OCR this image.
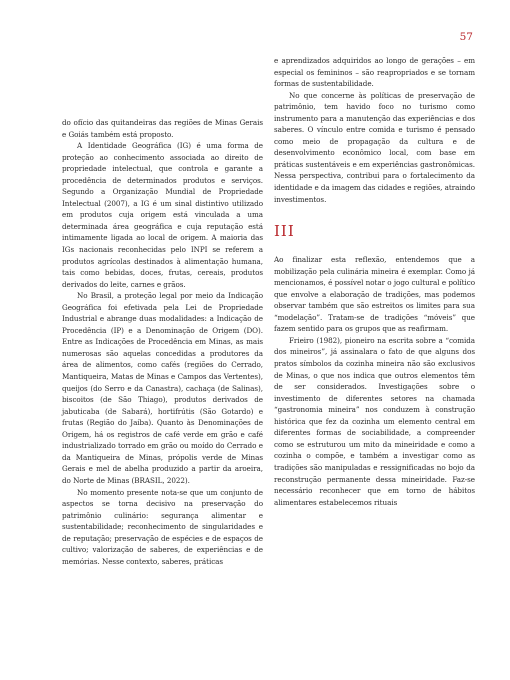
57

do ofício das quitandeiras das regiões de Minas Gerais e Goiás também está proposto.

A Identidade Geográfica (IG) é uma forma de proteção ao conhecimento associada ao direito de propriedade intelectual, que controla e garante a procedência de determinados produtos e serviços. Segundo a Organização Mundial de Propriedade Intelectual (2007), a IG é um sinal distintivo utilizado em produtos cuja origem está vinculada a uma determinada área geográfica e cuja reputação está intimamente ligada ao local de origem. A maioria das IGs nacionais reconhecidas pelo INPI se referem a produtos agrícolas destinados à alimentação humana, tais como bebidas, doces, frutas, cereais, produtos derivados do leite, carnes e grãos.

No Brasil, a proteção legal por meio da Indicação Geográfica foi efetivada pela Lei de Propriedade Industrial e abrange duas modalidades: a Indicação de Procedência (IP) e a Denominação de Origem (DO). Entre as Indicações de Procedência em Minas, as mais numerosas são aquelas concedidas a produtores da área de alimentos, como cafés (regiões do Cerrado, Mantiqueira, Matas de Minas e Campos das Vertentes), queijos (do Serro e da Canastra), cachaça (de Salinas), biscoitos (de São Thiago), produtos derivados de jabuticaba (de Sabará), hortifrútis (São Gotardo) e frutas (Região do Jaíba). Quanto às Denominações de Origem, há os registros de café verde em grão e café industrializado torrado em grão ou moído do Cerrado e da Mantiqueira de Minas, própolis verde de Minas Gerais e mel de abelha produzido a partir da aroeira, do Norte de Minas (BRASIL, 2022).

No momento presente nota-se que um conjunto de aspectos se torna decisivo na preservação do patrimônio culinário: segurança alimentar e sustentabilidade; reconhecimento de singularidades e de reputação; preservação de espécies e de espaços de cultivo; valorização de saberes, de experiências e de memórias. Nesse contexto, saberes, práticas

e aprendizados adquiridos ao longo de gerações – em especial os femininos – são reapropriados e se tornam formas de sustentabilidade.

No que concerne às políticas de preservação de patrimônio, tem havido foco no turismo como instrumento para a manutenção das experiências e dos saberes. O vínculo entre comida e turismo é pensado como meio de propagação da cultura e de desenvolvimento econômico local, com base em práticas sustentáveis e em experiências gastronômicas. Nessa perspectiva, contribui para o fortalecimento da identidade e da imagem das cidades e regiões, atraindo investimentos.

III

Ao finalizar esta reflexão, entendemos que a mobilização pela culinária mineira é exemplar. Como já mencionamos, é possível notar o jogo cultural e político que envolve a elaboração de tradições, mas podemos observar também que são estreitos os limites para sua “modelação”. Tratam-se de tradições “móveis” que fazem sentido para os grupos que as reafirmam.

Frieiro (1982), pioneiro na escrita sobre a “comida dos mineiros”, já assinalara o fato de que alguns dos pratos símbolos da cozinha mineira não são exclusivos de Minas, o que nos indica que outros elementos têm de ser considerados. Investigações sobre o investimento de diferentes setores na chamada “gastronomia mineira” nos conduzem à construção histórica que fez da cozinha um elemento central em diferentes formas de sociabilidade, a compreender como se estruturou um mito da mineiridade e como a cozinha o compõe, e também a investigar como as tradições são manipuladas e ressignificadas no bojo da reconstrução permanente dessa mineiridade. Faz-se necessário reconhecer que em torno de hábitos alimentares estabelecemos rituais
